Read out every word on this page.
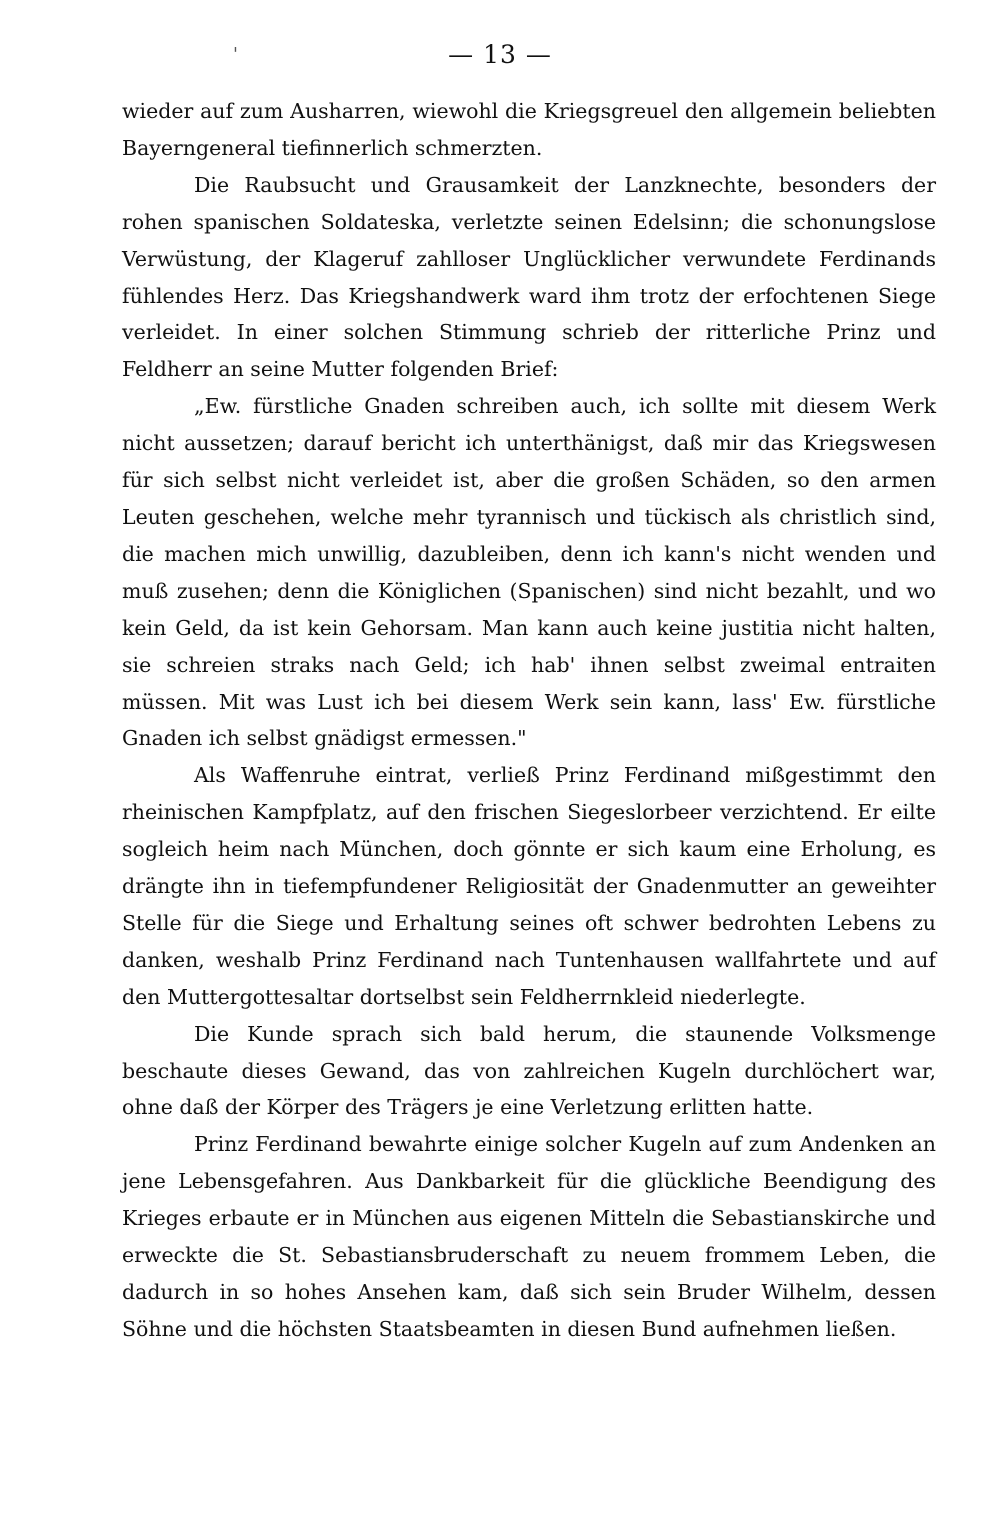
'	— 13 —

wieder auf zum Ausharren, wiewohl die Kriegsgreuel den allgemein beliebten Bayerngeneral tiefinnerlich schmerzten.

Die Raubsucht und Grausamkeit der Lanzknechte, besonders der rohen spanischen Soldateska, verletzte seinen Edelsinn; die schonungslose Verwüstung, der Klageruf zahlloser Unglücklicher verwundete Ferdinands fühlendes Herz. Das Kriegshandwerk ward ihm trotz der erfochtenen Siege verleidet. In einer solchen Stimmung schrieb der ritterliche Prinz und Feldherr an seine Mutter folgenden Brief:

„Ew. fürstliche Gnaden schreiben auch, ich sollte mit diesem Werk nicht aussetzen; darauf bericht ich unterthänigst, daß mir das Kriegswesen für sich selbst nicht verleidet ist, aber die großen Schäden, so den armen Leuten geschehen, welche mehr tyrannisch und tückisch als christlich sind, die machen mich unwillig, dazubleiben, denn ich kann's nicht wenden und muß zusehen; denn die Königlichen (Spanischen) sind nicht bezahlt, und wo kein Geld, da ist kein Gehorsam. Man kann auch keine justitia nicht halten, sie schreien straks nach Geld; ich hab' ihnen selbst zweimal entraiten müssen. Mit was Lust ich bei diesem Werk sein kann, lass' Ew. fürstliche Gnaden ich selbst gnädigst ermessen."

Als Waffenruhe eintrat, verließ Prinz Ferdinand mißgestimmt den rheinischen Kampfplatz, auf den frischen Siegeslorbeer verzichtend. Er eilte sogleich heim nach München, doch gönnte er sich kaum eine Erholung, es drängte ihn in tiefempfundener Religiosität der Gnadenmutter an geweihter Stelle für die Siege und Erhaltung seines oft schwer bedrohten Lebens zu danken, weshalb Prinz Ferdinand nach Tuntenhausen wallfahrtete und auf den Muttergottesaltar dortselbst sein Feldherrnkleid niederlegte.

Die Kunde sprach sich bald herum, die staunende Volksmenge beschaute dieses Gewand, das von zahlreichen Kugeln durchlöchert war, ohne daß der Körper des Trägers je eine Verletzung erlitten hatte.

Prinz Ferdinand bewahrte einige solcher Kugeln auf zum Andenken an jene Lebensgefahren. Aus Dankbarkeit für die glückliche Beendigung des Krieges erbaute er in München aus eigenen Mitteln die Sebastianskirche und erweckte die St. Sebastiansbruderschaft zu neuem frommem Leben, die dadurch in so hohes Ansehen kam, daß sich sein Bruder Wilhelm, dessen Söhne und die höchsten Staatsbeamten in diesen Bund aufnehmen ließen.
